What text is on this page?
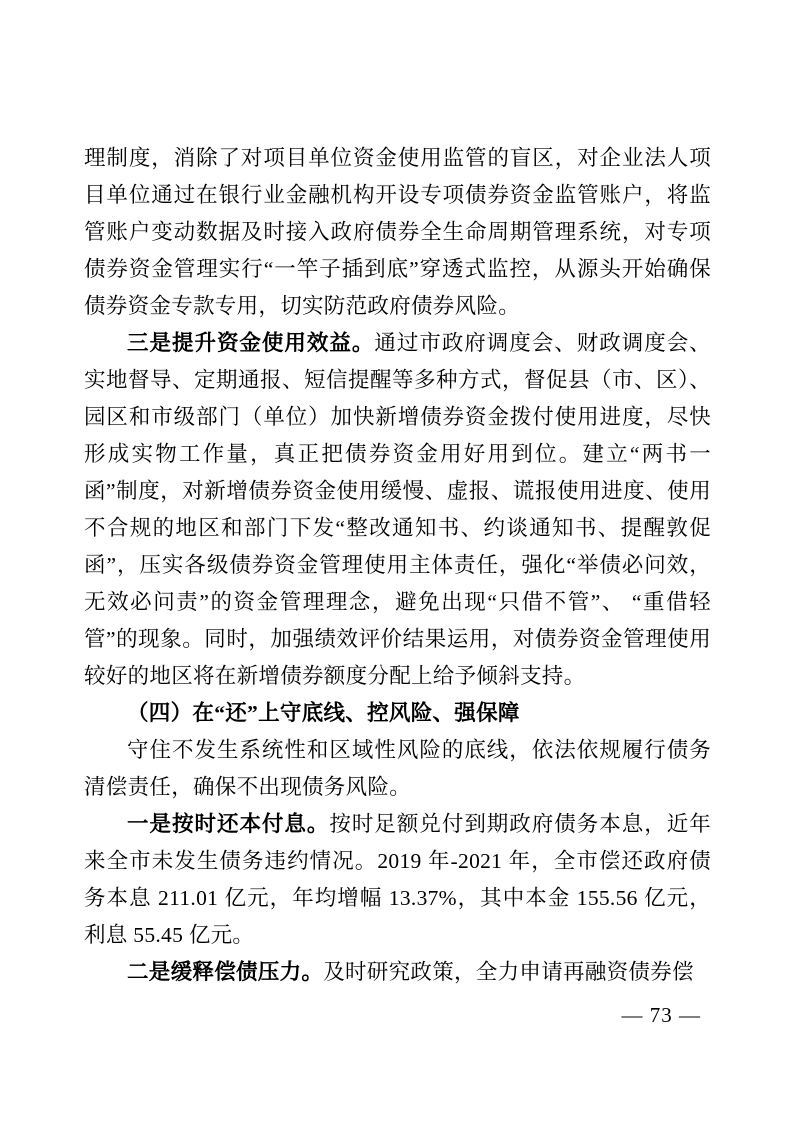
理制度，消除了对项目单位资金使用监管的盲区，对企业法人项目单位通过在银行业金融机构开设专项债券资金监管账户，将监管账户变动数据及时接入政府债券全生命周期管理系统，对专项债券资金管理实行“一竿子插到底”穿透式监控，从源头开始确保债券资金专款专用，切实防范政府债券风险。

三是提升资金使用效益。通过市政府调度会、财政调度会、实地督导、定期通报、短信提醒等多种方式，督促县（市、区）、园区和市级部门（单位）加快新增债券资金拨付使用进度，尽快形成实物工作量，真正把债券资金用好用到位。建立“两书一函”制度，对新增债券资金使用缓慢、虚报、谎报使用进度、使用不合规的地区和部门下发“整改通知书、约谈通知书、提醒敦促函”，压实各级债券资金管理使用主体责任，强化“举债必问效，无效必问责”的资金管理理念，避免出现“只借不管”、 “重借轻管”的现象。同时，加强绩效评价结果运用，对债券资金管理使用较好的地区将在新增债券额度分配上给予倾斜支持。

（四）在“还”上守底线、控风险、强保障

守住不发生系统性和区域性风险的底线，依法依规履行债务清偿责任，确保不出现债务风险。

一是按时还本付息。按时足额兑付到期政府债务本息，近年来全市未发生债务违约情况。2019 年-2021 年，全市偿还政府债务本息 211.01 亿元，年均增幅 13.37%，其中本金 155.56 亿元，利息 55.45 亿元。

二是缓释偿债压力。及时研究政策，全力申请再融资债券偿

— 73 —
